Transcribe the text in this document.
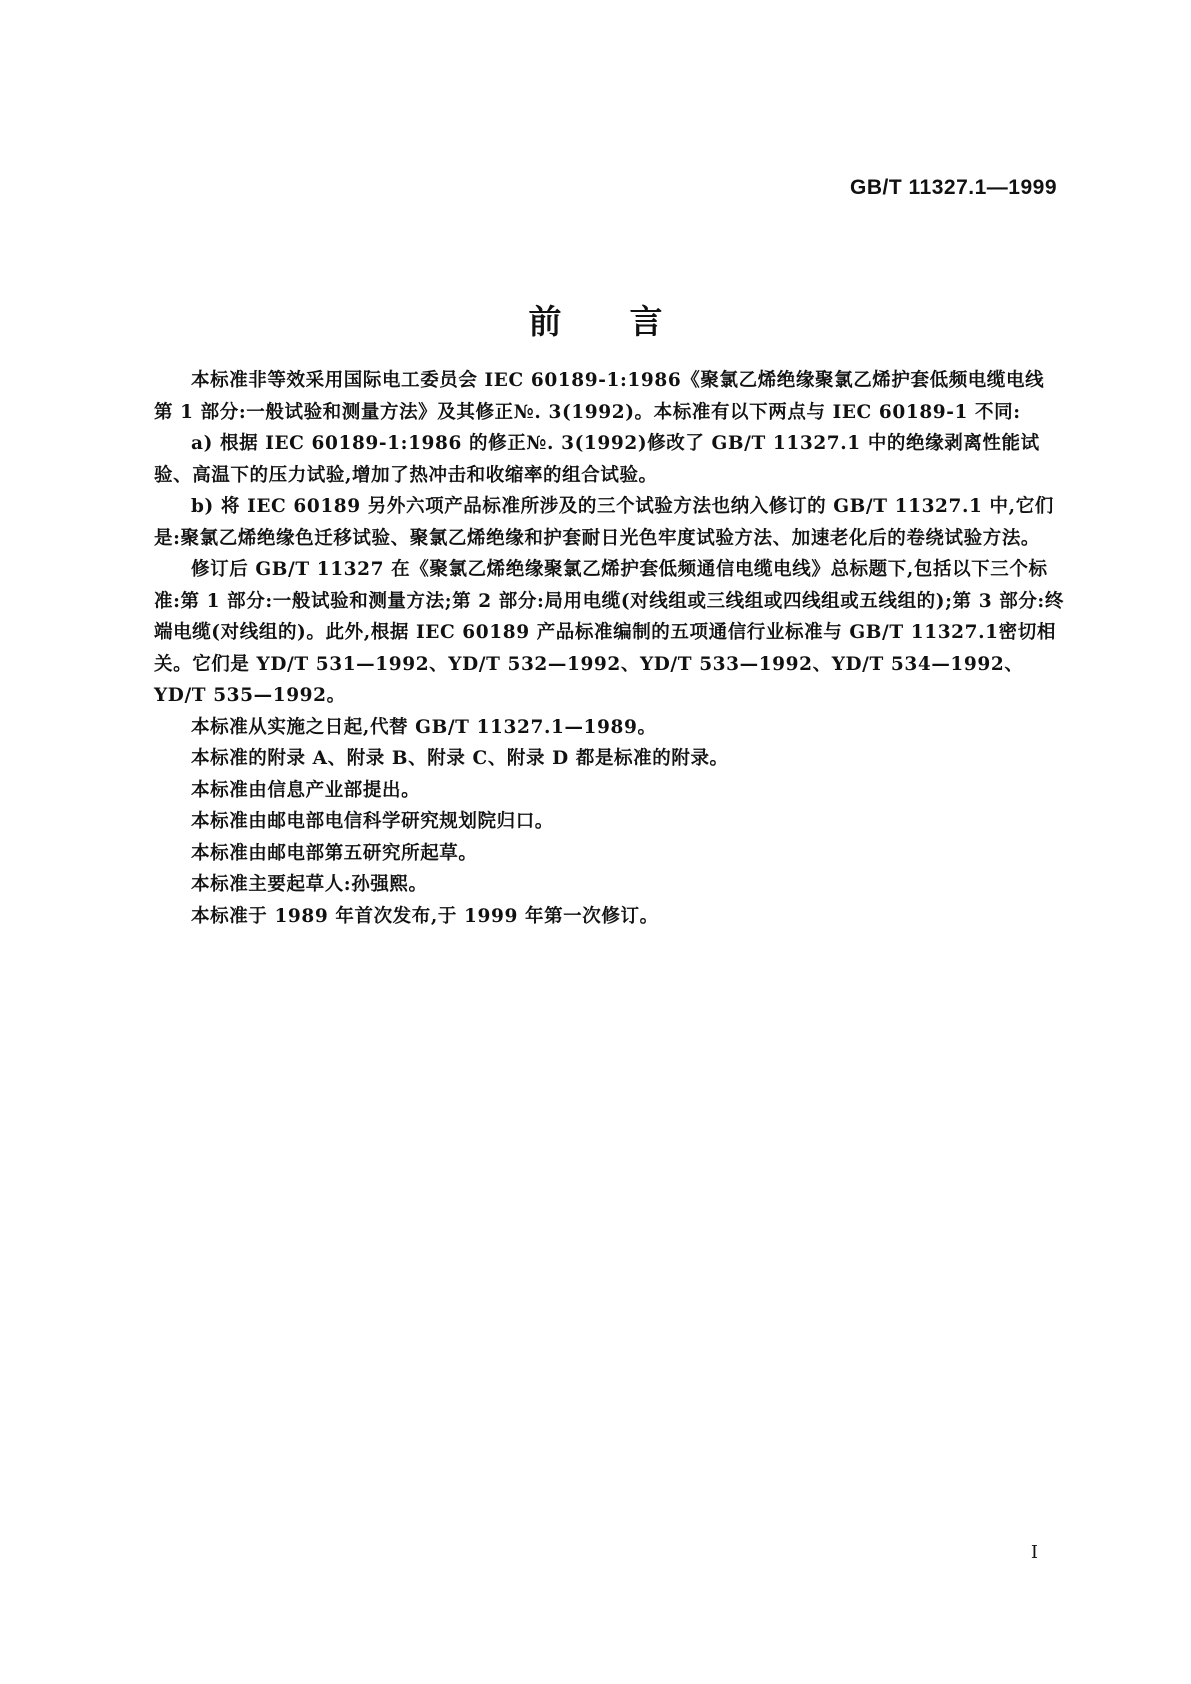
GB/T 11327.1—1999
前言

本标准非等效采用国际电工委员会 IEC 60189-1:1986《聚氯乙烯绝缘聚氯乙烯护套低频电缆电线 第 1 部分:一般试验和测量方法》及其修正№. 3(1992)。本标准有以下两点与 IEC 60189-1 不同:

a) 根据 IEC 60189-1:1986 的修正№. 3(1992)修改了 GB/T 11327.1 中的绝缘剥离性能试验、高温下的压力试验,增加了热冲击和收缩率的组合试验。

b) 将 IEC 60189 另外六项产品标准所涉及的三个试验方法也纳入修订的 GB/T 11327.1 中,它们是:聚氯乙烯绝缘色迁移试验、聚氯乙烯绝缘和护套耐日光色牢度试验方法、加速老化后的卷绕试验方法。

修订后 GB/T 11327 在《聚氯乙烯绝缘聚氯乙烯护套低频通信电缆电线》总标题下,包括以下三个标准:第 1 部分:一般试验和测量方法;第 2 部分:局用电缆(对线组或三线组或四线组或五线组的);第 3 部分:终端电缆(对线组的)。此外,根据 IEC 60189 产品标准编制的五项通信行业标准与 GB/T 11327.1密切相关。它们是 YD/T 531—1992、YD/T 532—1992、YD/T 533—1992、YD/T 534—1992、YD/T 535—1992。

本标准从实施之日起,代替 GB/T 11327.1—1989。

本标准的附录 A、附录 B、附录 C、附录 D 都是标准的附录。

本标准由信息产业部提出。

本标准由邮电部电信科学研究规划院归口。

本标准由邮电部第五研究所起草。

本标准主要起草人:孙强熙。

本标准于 1989 年首次发布,于 1999 年第一次修订。

I
